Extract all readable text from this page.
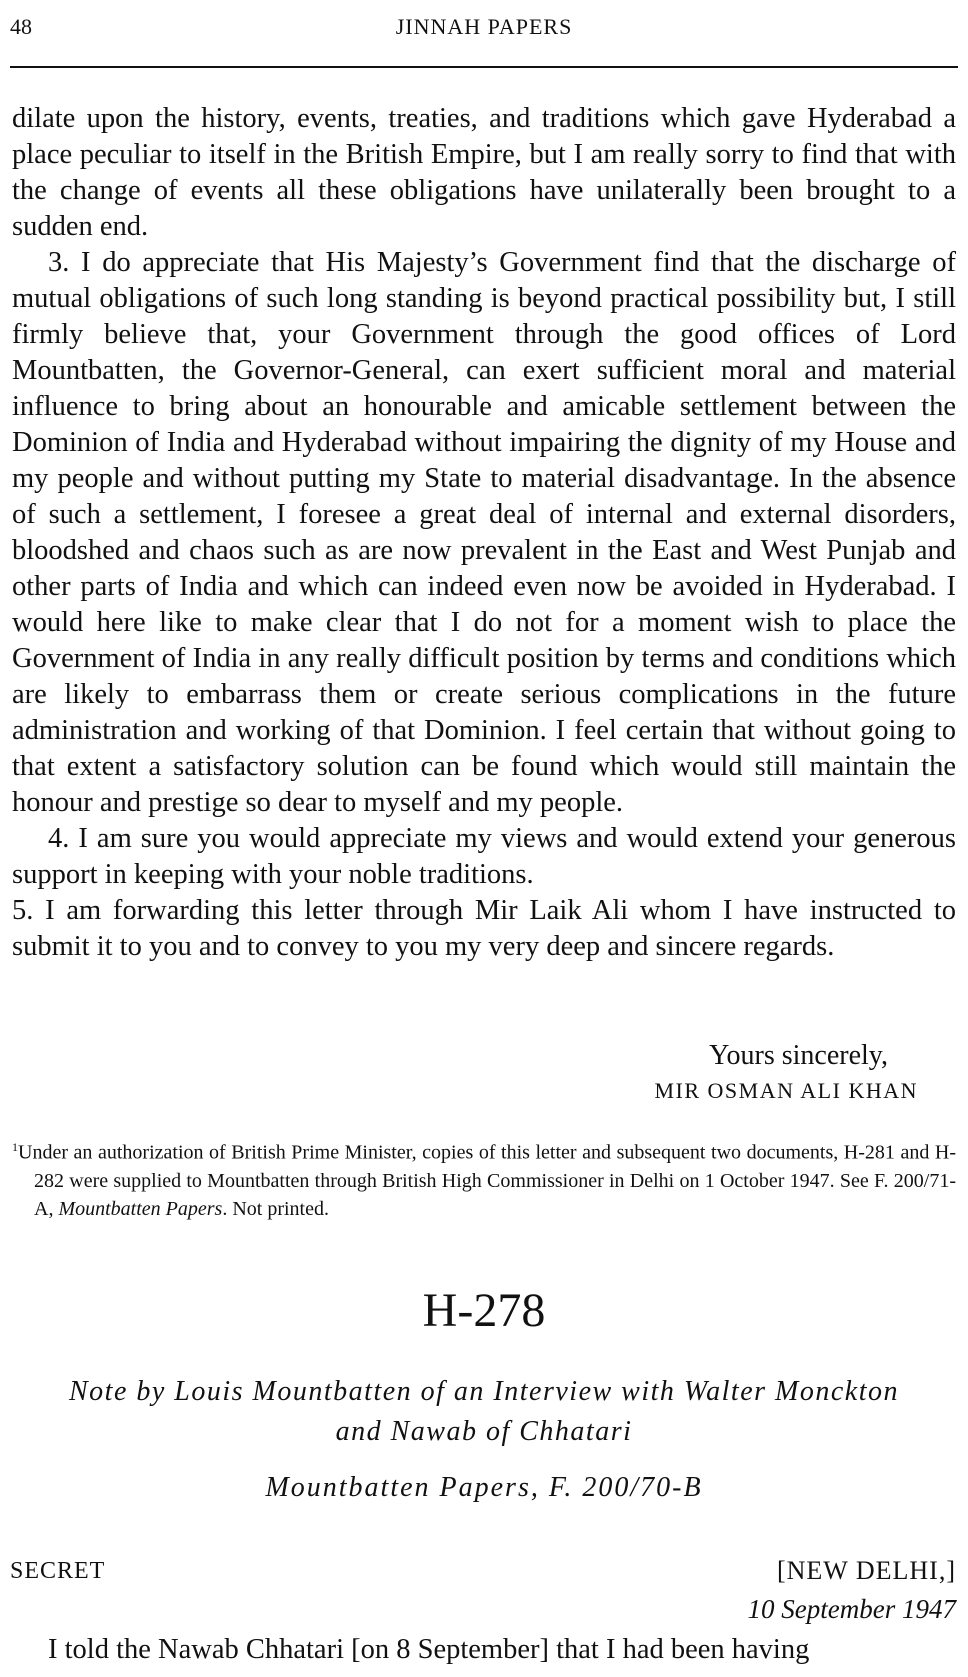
48	JINNAH PAPERS

dilate upon the history, events, treaties, and traditions which gave Hyderabad a place peculiar to itself in the British Empire, but I am really sorry to find that with the change of events all these obligations have unilaterally been brought to a sudden end.

3. I do appreciate that His Majesty’s Government find that the discharge of mutual obligations of such long standing is beyond practical possibility but, I still firmly believe that, your Government through the good offices of Lord Mountbatten, the Governor-General, can exert sufficient moral and material influence to bring about an honourable and amicable settlement between the Dominion of India and Hyderabad without impairing the dignity of my House and my people and without putting my State to material disadvantage. In the absence of such a settlement, I foresee a great deal of internal and external disorders, bloodshed and chaos such as are now prevalent in the East and West Punjab and other parts of India and which can indeed even now be avoided in Hyderabad. I would here like to make clear that I do not for a moment wish to place the Government of India in any really difficult position by terms and conditions which are likely to embarrass them or create serious complications in the future administration and working of that Dominion. I feel certain that without going to that extent a satisfactory solution can be found which would still maintain the honour and prestige so dear to myself and my people.

4. I am sure you would appreciate my views and would extend your generous support in keeping with your noble traditions.

5. I am forwarding this letter through Mir Laik Ali whom I have instructed to submit it to you and to convey to you my very deep and sincere regards.

Yours sincerely,
MIR OSMAN ALI KHAN

$^1$Under an authorization of British Prime Minister, copies of this letter and subsequent two documents, H-281 and H-282 were supplied to Mountbatten through British High Commissioner in Delhi on 1 October 1947. See F. 200/71-A, Mountbatten Papers. Not printed.

H-278
Note by Louis Mountbatten of an Interview with Walter Monckton
and Nawab of Chhatari
Mountbatten Papers, F. 200/70-B
SECRET	[NEW DELHI,]
10 September 1947
I told the Nawab Chhatari [on 8 September] that I had been having
